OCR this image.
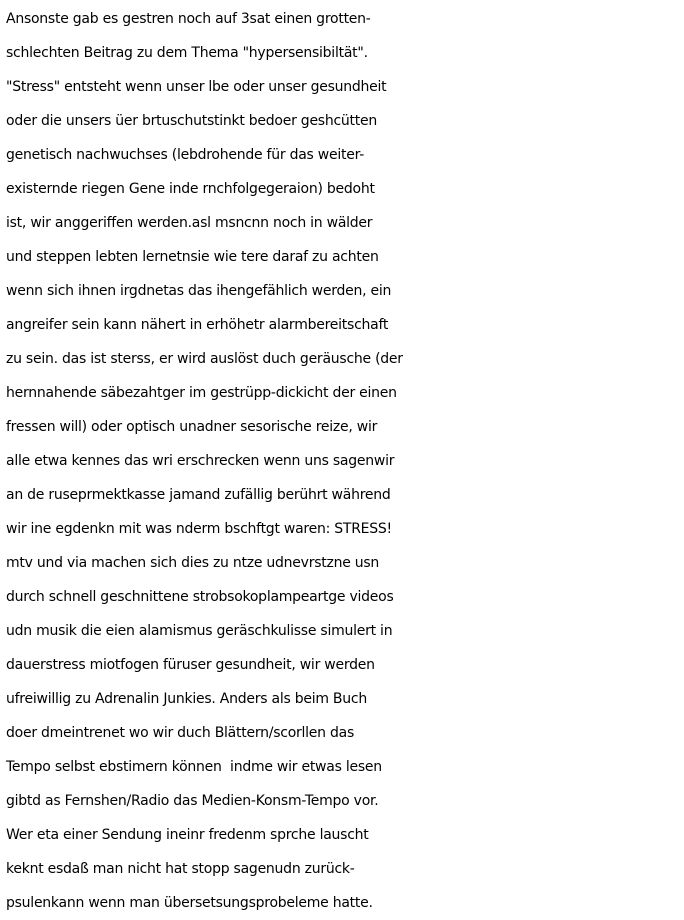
Ansonste gab es gestren noch auf 3sat einen grotten-
schlechten Beitrag zu dem Thema "hypersensibiltät".
"Stress" entsteht wenn unser lbe oder unser gesundheit
oder die unsers üer brtuschutstinkt bedoer geshcütten
genetisch nachwuchses (lebdrohende für das weiter-
existernde riegen Gene inde rnchfolgegeraion) bedoht
ist, wir anggeriffen werden.asl msncnn noch in wälder
und steppen lebten lernetnsie wie tere daraf zu achten
wenn sich ihnen irgdnetas das ihengefählich werden, ein
angreifer sein kann nähert in erhöhetr alarmbereitschaft
zu sein. das ist sterss, er wird auslöst duch geräusche (der
hernnahende säbezahtger im gestrüpp-dickicht der einen
fressen will) oder optisch unadner sesorische reize, wir
alle etwa kennes das wri erschrecken wenn uns sagenwir
an de ruseprmektkasse jamand zufällig berührt während
wir ine egdenkn mit was nderm bschftgt waren: STRESS!
mtv und via machen sich dies zu ntze udnevrstzne usn
durch schnell geschnittene strobsokoplampeartge videos
udn musik die eien alamismus geräschkulisse simulert in
dauerstress miotfogen füruser gesundheit, wir werden
ufreiwillig zu Adrenalin Junkies. Anders als beim Buch
doer dmeintrenet wo wir duch Blättern/scorllen das
Tempo selbst ebstimern können  indme wir etwas lesen
gibtd as Fernshen/Radio das Medien-Konsm-Tempo vor.
Wer eta einer Sendung ineinr fredenm sprche lauscht
keknt esdaß man nicht hat stopp sagenudn zurück-
psulenkann wenn man übersetsungsprobeleme hatte.
